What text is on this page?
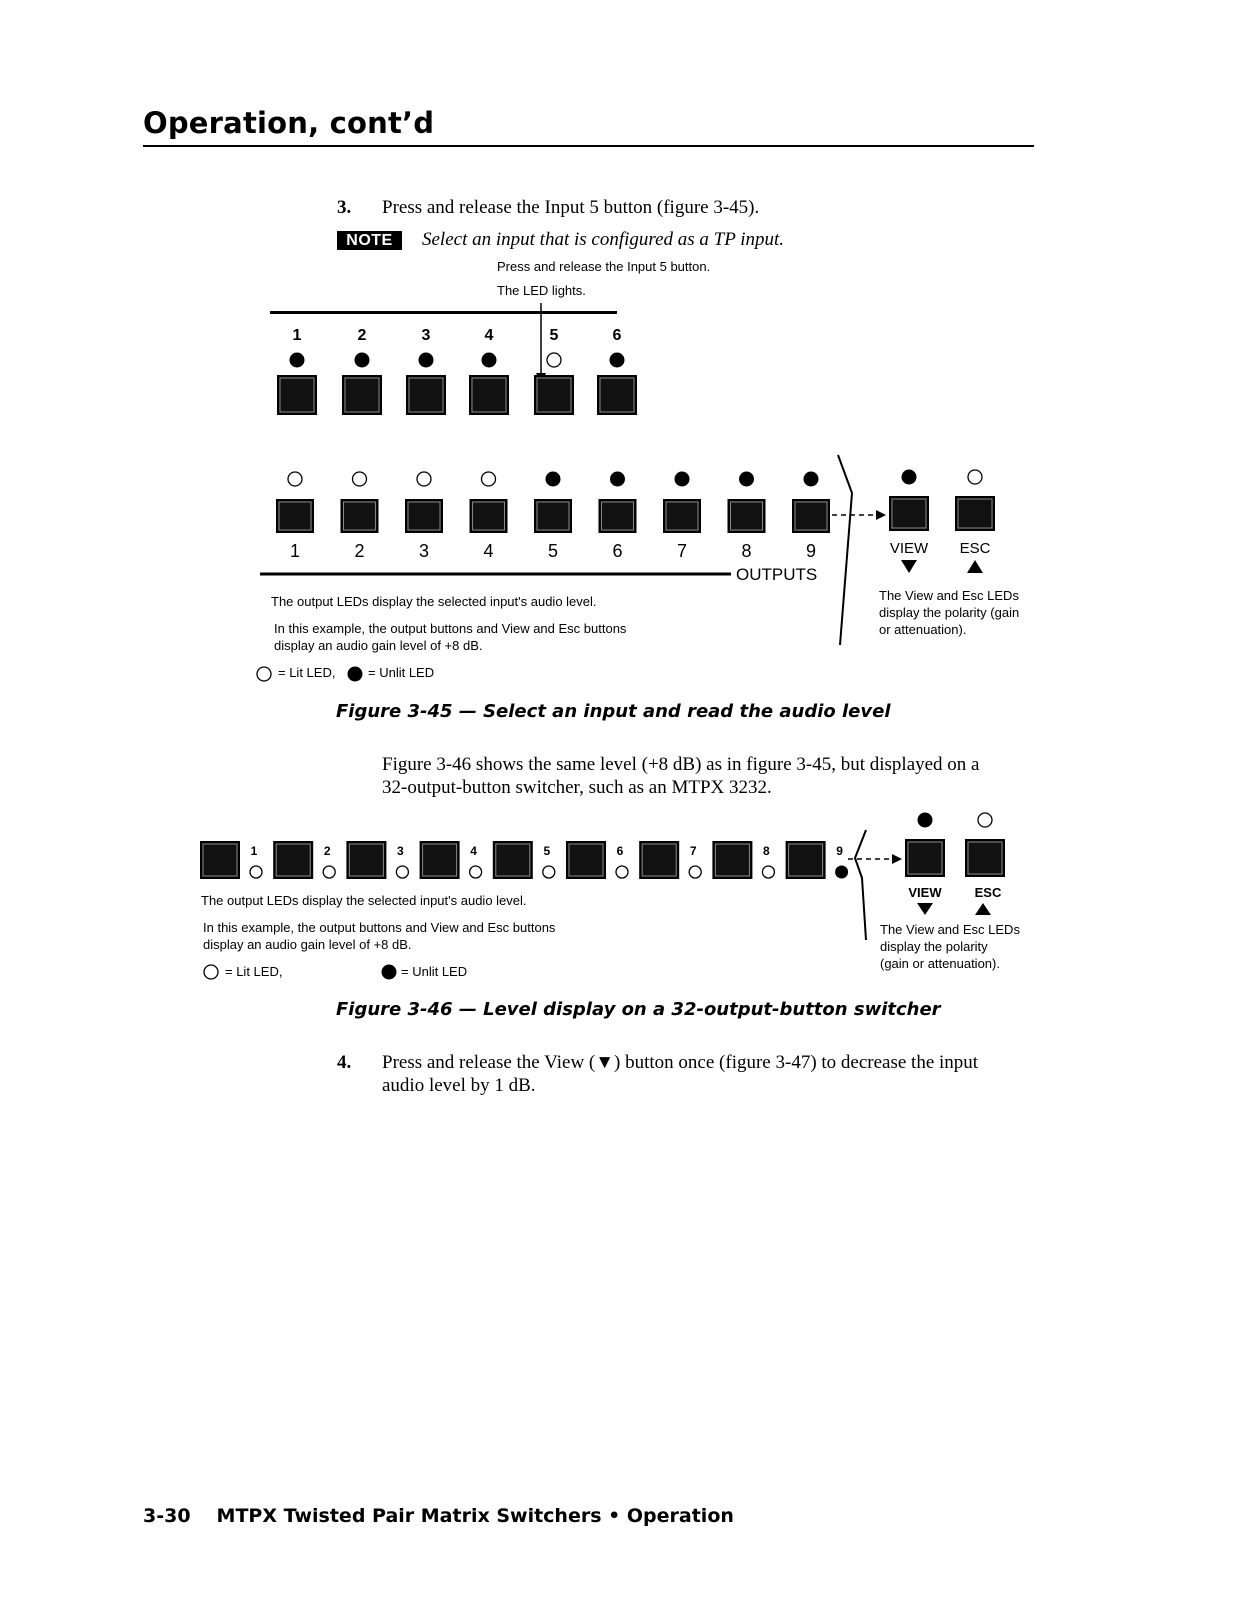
Operation, cont’d
3. Press and release the Input 5 button (figure 3-45).
NOTE	Select an input that is configured as a TP input.
Press and release the Input 5 button.
The LED lights.
1	2	3	4	5	6
1	2	3	4	5	6	7	8	9
OUTPUTS
VIEW ESC
The output LEDs display the selected input's audio level.
In this example, the output buttons and View and Esc buttons
display an audio gain level of +8 dB.
The View and Esc LEDs
display the polarity (gain
or attenuation).
= Lit LED,	= Unlit LED
Figure 3-45 — Select an input and read the audio level
Figure 3-46 shows the same level (+8 dB) as in figure 3-45, but displayed on a
32-output-button switcher, such as an MTPX 3232.
1	2	3	4	5	6	7	8	9
VIEW	ESC
The output LEDs display the selected input's audio level.
In this example, the output buttons and View and Esc buttons
display an audio gain level of +8 dB.
The View and Esc LEDs
display the polarity
(gain or attenuation).
= Lit LED,	= Unlit LED
Figure 3-46 — Level display on a 32-output-button switcher
4. Press and release the View (▼) button once (figure 3-47) to decrease the input
audio level by 1 dB.
3-30 MTPX Twisted Pair Matrix Switchers • Operation
